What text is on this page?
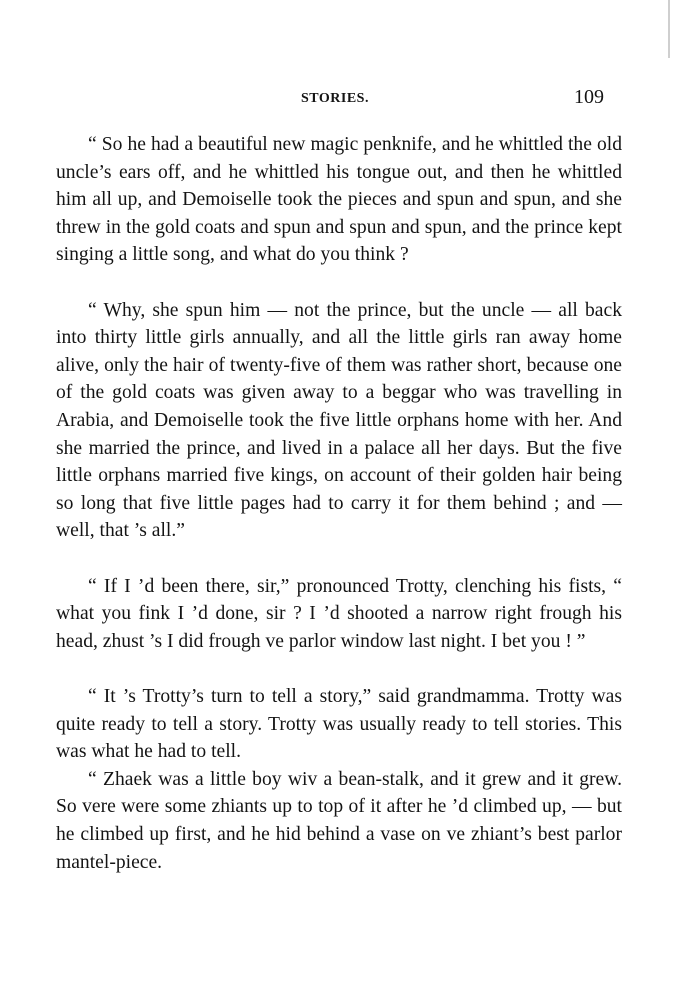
STORIES.	109

“ So he had a beautiful new magic penknife, and he whittled the old uncle’s ears off, and he whittled his tongue out, and then he whittled him all up, and Demoiselle took the pieces and spun and spun, and she threw in the gold coats and spun and spun and spun, and the prince kept singing a little song, and what do you think ?

“ Why, she spun him — not the prince, but the uncle — all back into thirty little girls annually, and all the little girls ran away home alive, only the hair of twenty-five of them was rather short, because one of the gold coats was given away to a beggar who was travelling in Arabia, and Demoiselle took the five little orphans home with her. And she married the prince, and lived in a palace all her days. But the five little orphans married five kings, on account of their golden hair being so long that five little pages had to carry it for them behind ; and — well, that ’s all.”

“ If I ’d been there, sir,” pronounced Trotty, clenching his fists, “ what you fink I ’d done, sir ? I ’d shooted a narrow right frough his head, zhust ’s I did frough ve parlor window last night. I bet you ! ”

“ It ’s Trotty’s turn to tell a story,” said grandmamma. Trotty was quite ready to tell a story. Trotty was usually ready to tell stories. This was what he had to tell.

“ Zhaek was a little boy wiv a bean-stalk, and it grew and it grew. So vere were some zhiants up to top of it after he ’d climbed up, — but he climbed up first, and he hid behind a vase on ve zhiant’s best parlor mantel-piece.
